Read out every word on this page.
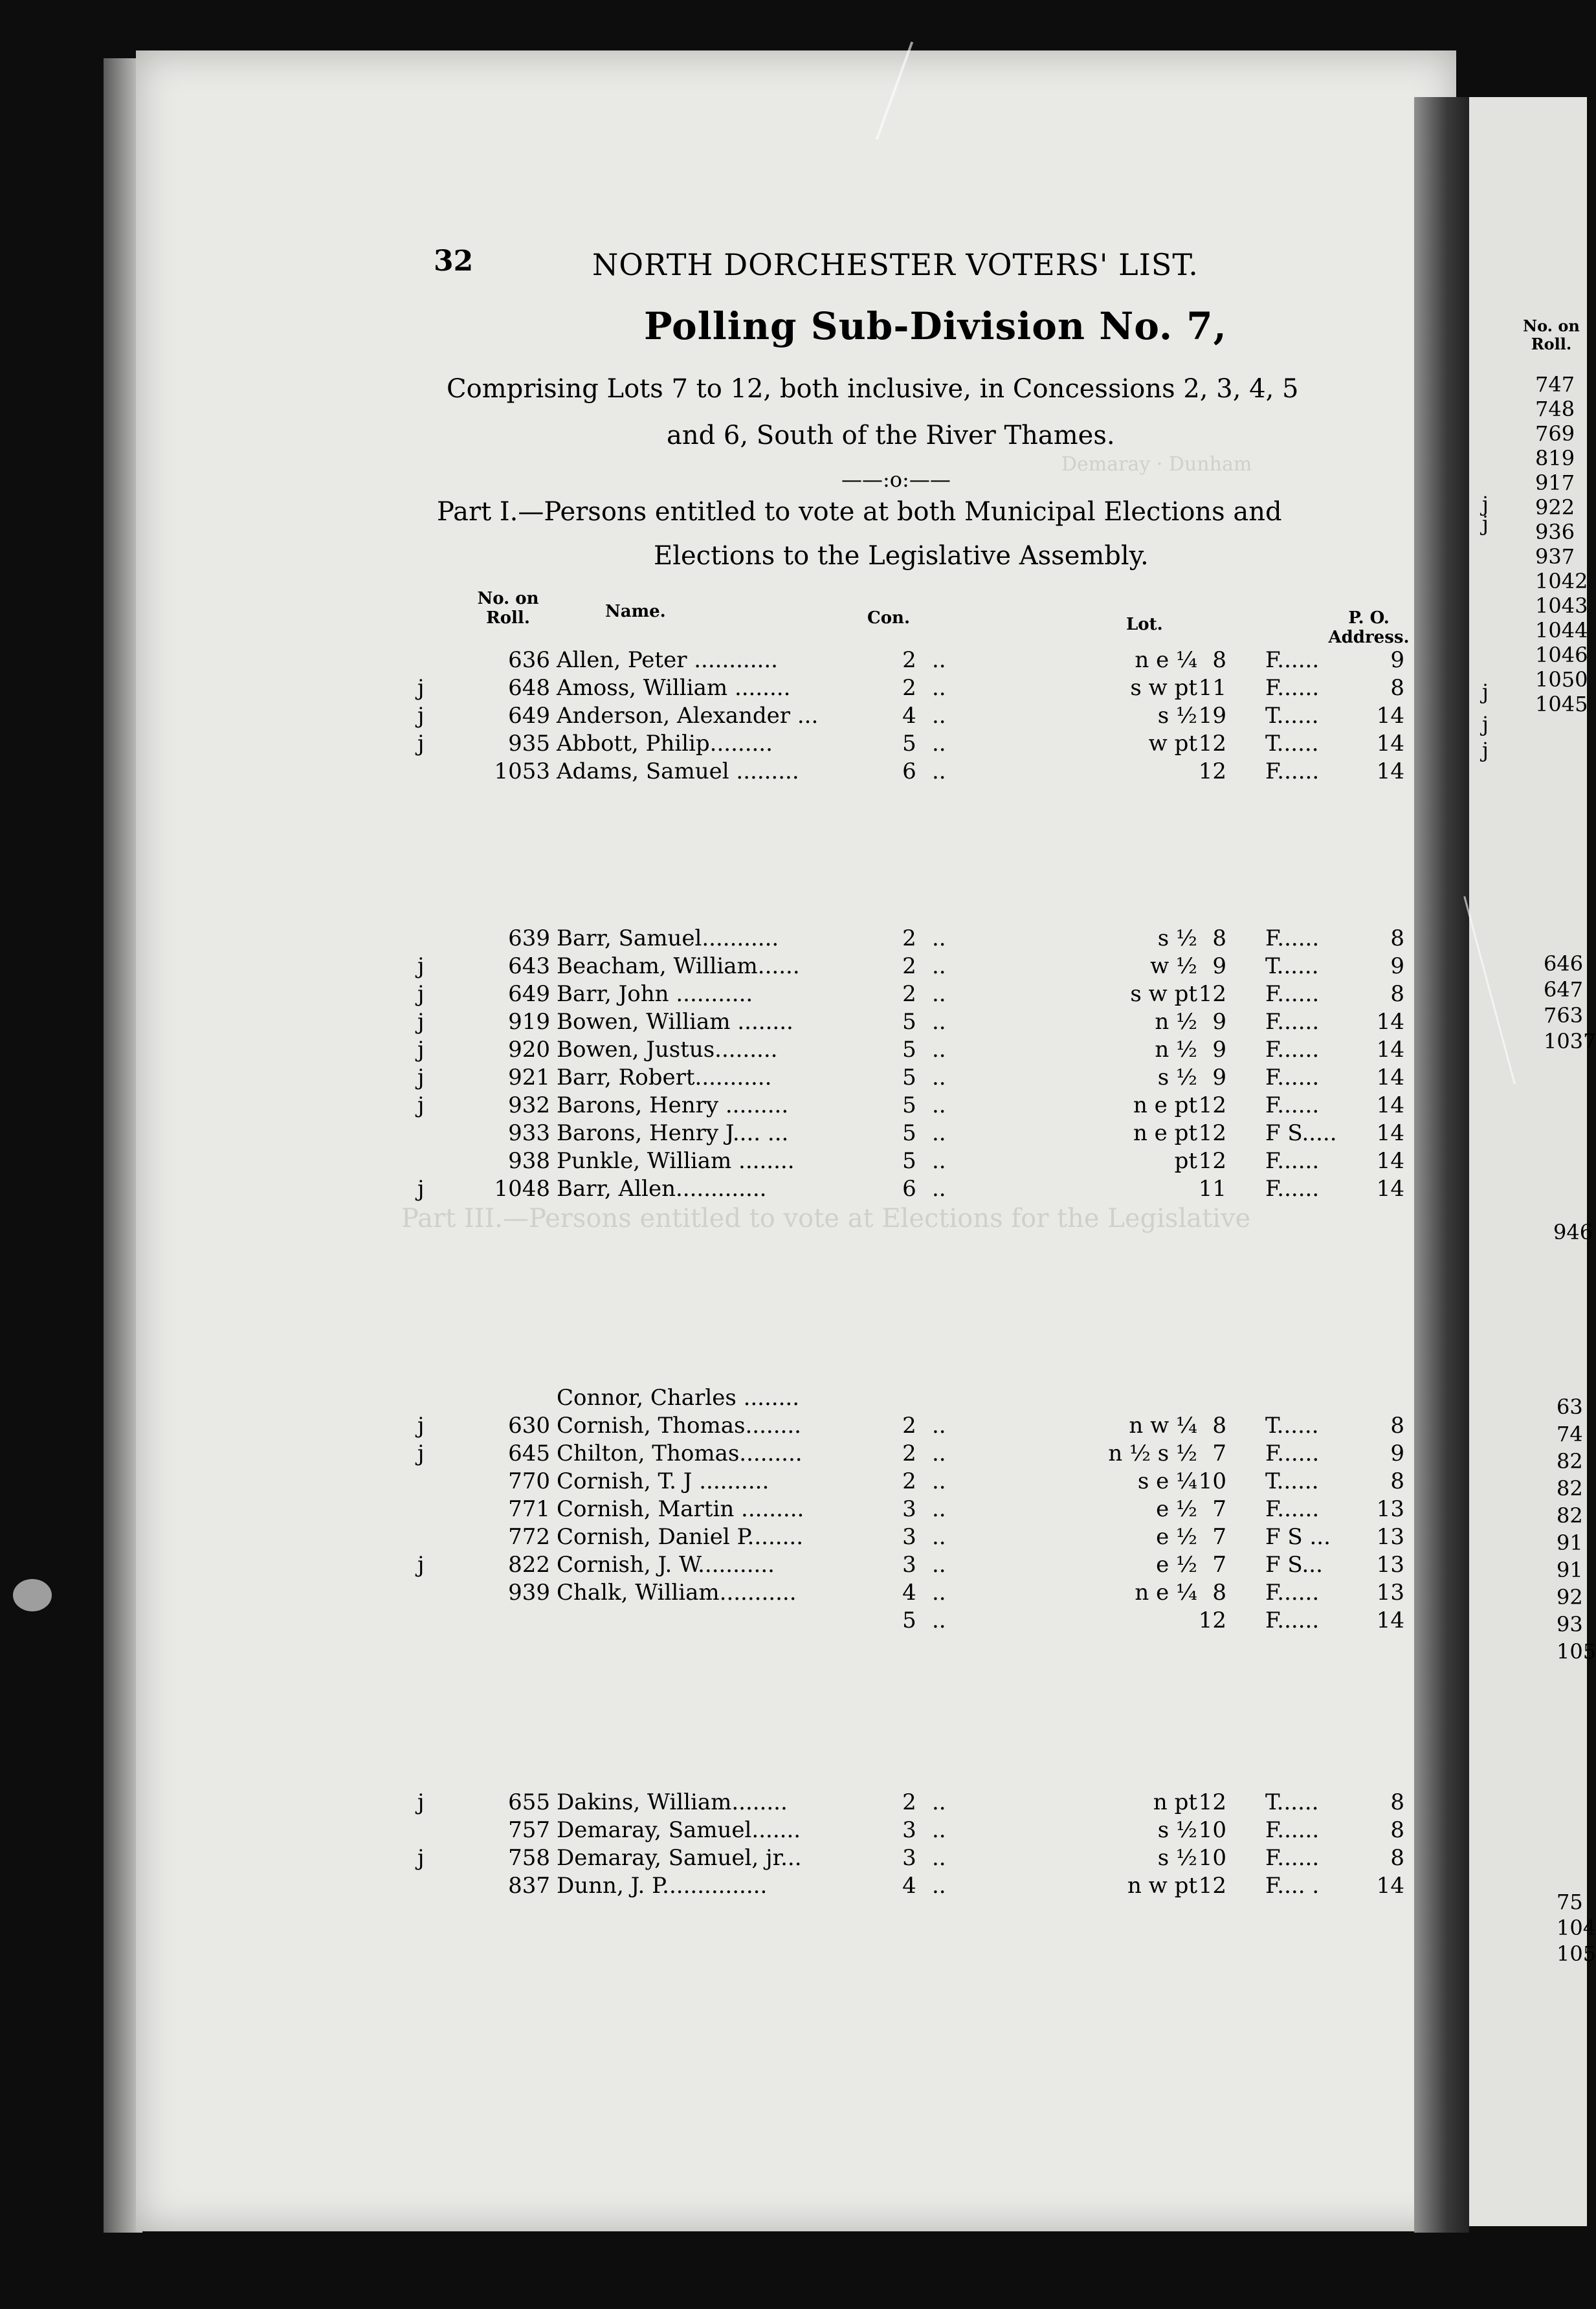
Demaray · Dunham
Part III.—Persons entitled to vote at Elections for the Legislative
32	NORTH DORCHESTER VOTERS' LIST.
Polling Sub-Division No. 7,
Comprising Lots 7 to 12, both inclusive, in Concessions 2, 3, 4, 5
and 6, South of the River Thames.
——:o:——
Part I.—Persons entitled to vote at both Municipal Elections and
Elections to the Legislative Assembly.
No. on Roll.	Name.	Con.	Lot.	P. O. Address.
636 Allen, Peter ............	2 ..	n e ¼ 8 F......	9
j	648 Amoss, William ........	2 ..	s w pt 11 F......	8
j	649 Anderson, Alexander ...	4 ..	s ½ 19 T......	14
j	935 Abbott, Philip.........	5 ..	w pt 12 T......	14
1053 Adams, Samuel .........	6 ..	12 F......	14
639 Barr, Samuel...........	2 ..	s ½ 8 F......	8
j	643 Beacham, William......	2 ..	w ½ 9 T......	9
j	649 Barr, John ...........	2 ..	s w pt 12 F......	8
j	919 Bowen, William ........	5 ..	n ½ 9 F......	14
j	920 Bowen, Justus.........	5 ..	n ½ 9 F......	14
j	921 Barr, Robert...........	5 ..	s ½ 9 F......	14
j	932 Barons, Henry .........	5 ..	n e pt 12 F......	14
933 Barons, Henry J.... ...	5 ..	n e pt 12 F S.....	14
938 Punkle, William ........	5 ..	pt 12 F......	14
j	1048 Barr, Allen.............	6 ..	11 F......	14
Connor, Charles ........
j	630 Cornish, Thomas........	2 ..	n w ¼ 8 T......	8
j	645 Chilton, Thomas.........	2 ..	n ½ s ½ 7 F......	9
770 Cornish, T. J ..........	2 ..	s e ¼ 10 T......	8
771 Cornish, Martin .........	3 ..	e ½ 7 F......	13
772 Cornish, Daniel P........	3 ..	e ½ 7 F S ...	13
j	822 Cornish, J. W...........	3 ..	e ½ 7 F S...	13
939 Chalk, William...........	4 ..	n e ¼ 8 F......	13
5 ..	12 F......	14
j	655 Dakins, William........	2 ..	n pt 12 T......	8
757 Demaray, Samuel.......	3 ..	s ½ 10 F......	8
j	758 Demaray, Samuel, jr...	3 ..	s ½ 10 F......	8
837 Dunn, J. P...............	4 ..	n w pt 12 F.... .	14
No. on Roll.
747
748
769
819
917
922
936
937
1042
1043
1044
1046
1050
1045
646
647
763
1037
946
63
74
82
82
82
91
91
92
93
105
75
104
105
j
j
j
j
j
